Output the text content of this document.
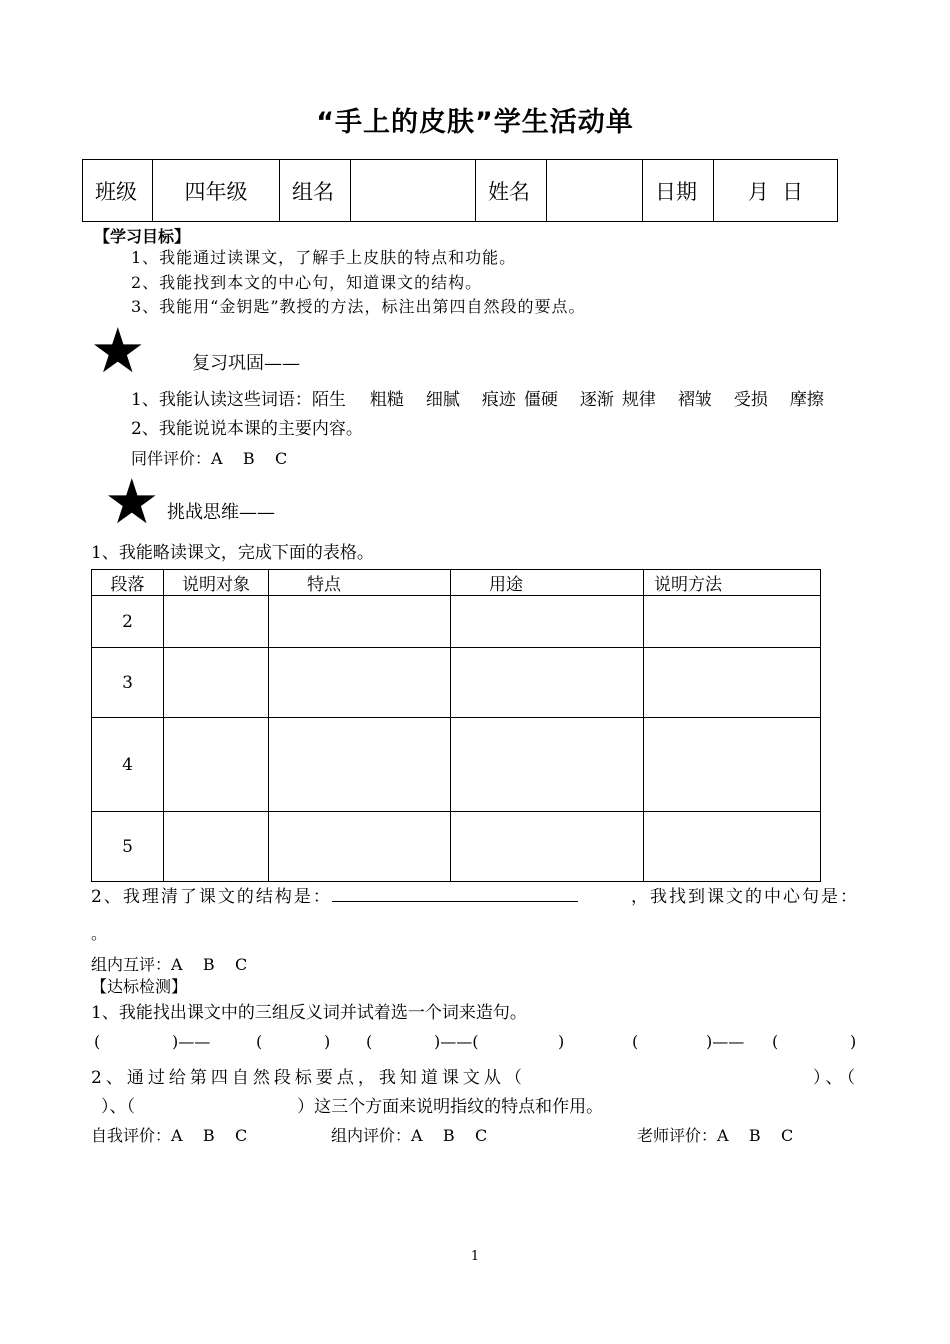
“手上的皮肤”学生活动单
班级	四年级	组名		姓名		日期	月  日
【学习目标】
1、我能通过读课文，了解手上皮肤的特点和功能。
2、我能找到本文的中心句，知道课文的结构。
3、我能用“金钥匙”教授的方法，标注出第四自然段的要点。
★	复习巩固——
1、我能认读这些词语：陌生 粗糙 细腻 痕迹 僵硬 逐渐 规律 褶皱 受损 摩擦
2、我能说说本课的主要内容。
同伴评价：A    B    C
★ 挑战思维——
1、我能略读课文，完成下面的表格。
段落	说明对象	特点	用途	说明方法
2				
3				
4				
5				
2、我理清了课文的结构是：	，我找到课文的中心句是：
。
组内互评：A    B    C
【达标检测】
1、我能找出课文中的三组反义词并试着选一个词来造句。
(	)——	(	) (	)——(	)	(	)—— (	)
2、通过给第四自然段标要点，我知道课文从（	）、（
）、（                              ）这三个方面来说明指纹的特点和作用。
自我评价：A    B    C	组内评价：A    B    C	老师评价：A    B    C
1
